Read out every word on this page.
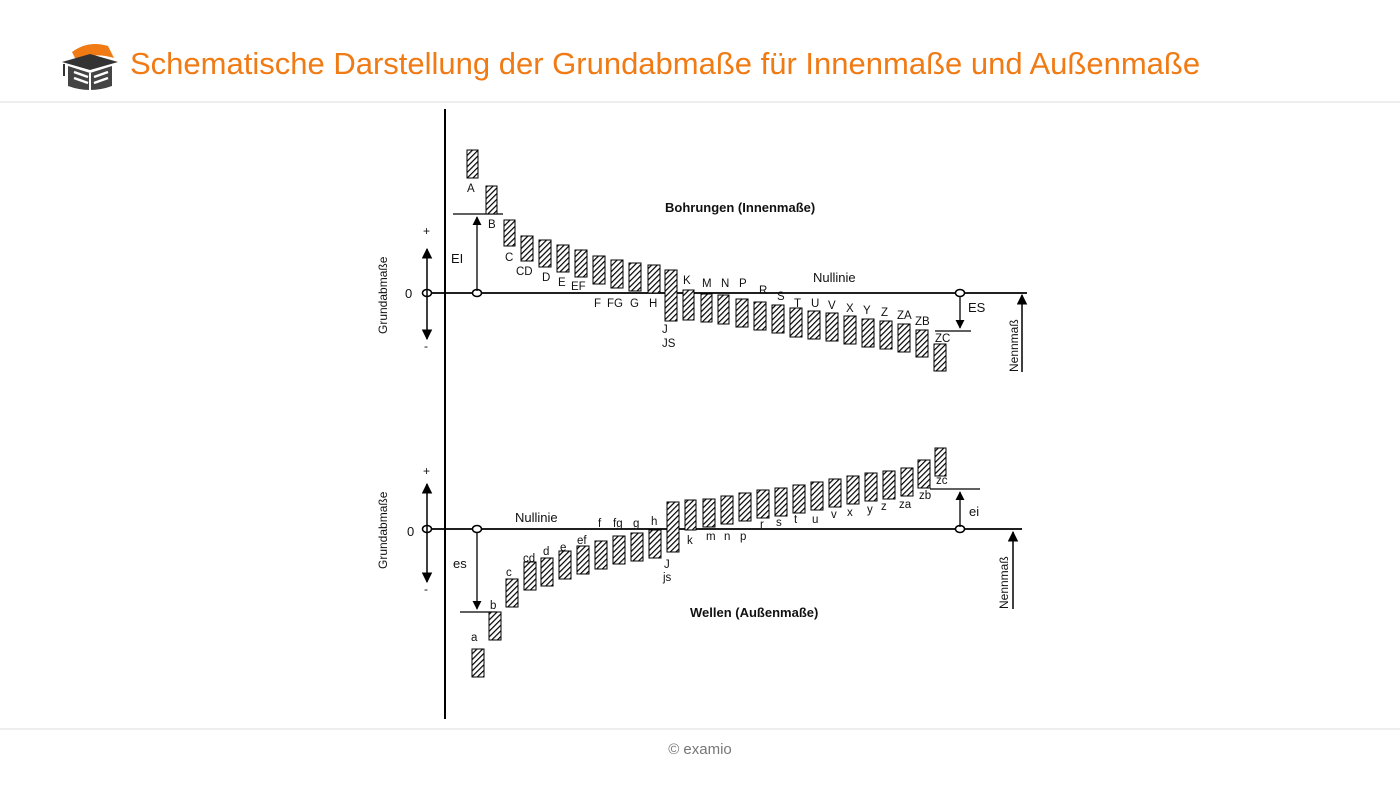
Schematische Darstellung der Grundabmaße für Innenmaße und Außenmaße
+
0
-
Grundabmaße	EI
ES
Nennmaß
Bohrungen (Innenmaße)
Nullinie
A
B
C
CD D E EF
F FG G H
J
JS
K M N P
R S
T U V X Y Z ZA ZB
ZC
+
0
-
Grundabmaße	es
ei
Nennmaß
Wellen (Außenmaße)
Nullinie
a
b
c
cd
d e
ef
f fg g h
J
js
k m n p
r s t u v x y z za
zb
zc
© examio
